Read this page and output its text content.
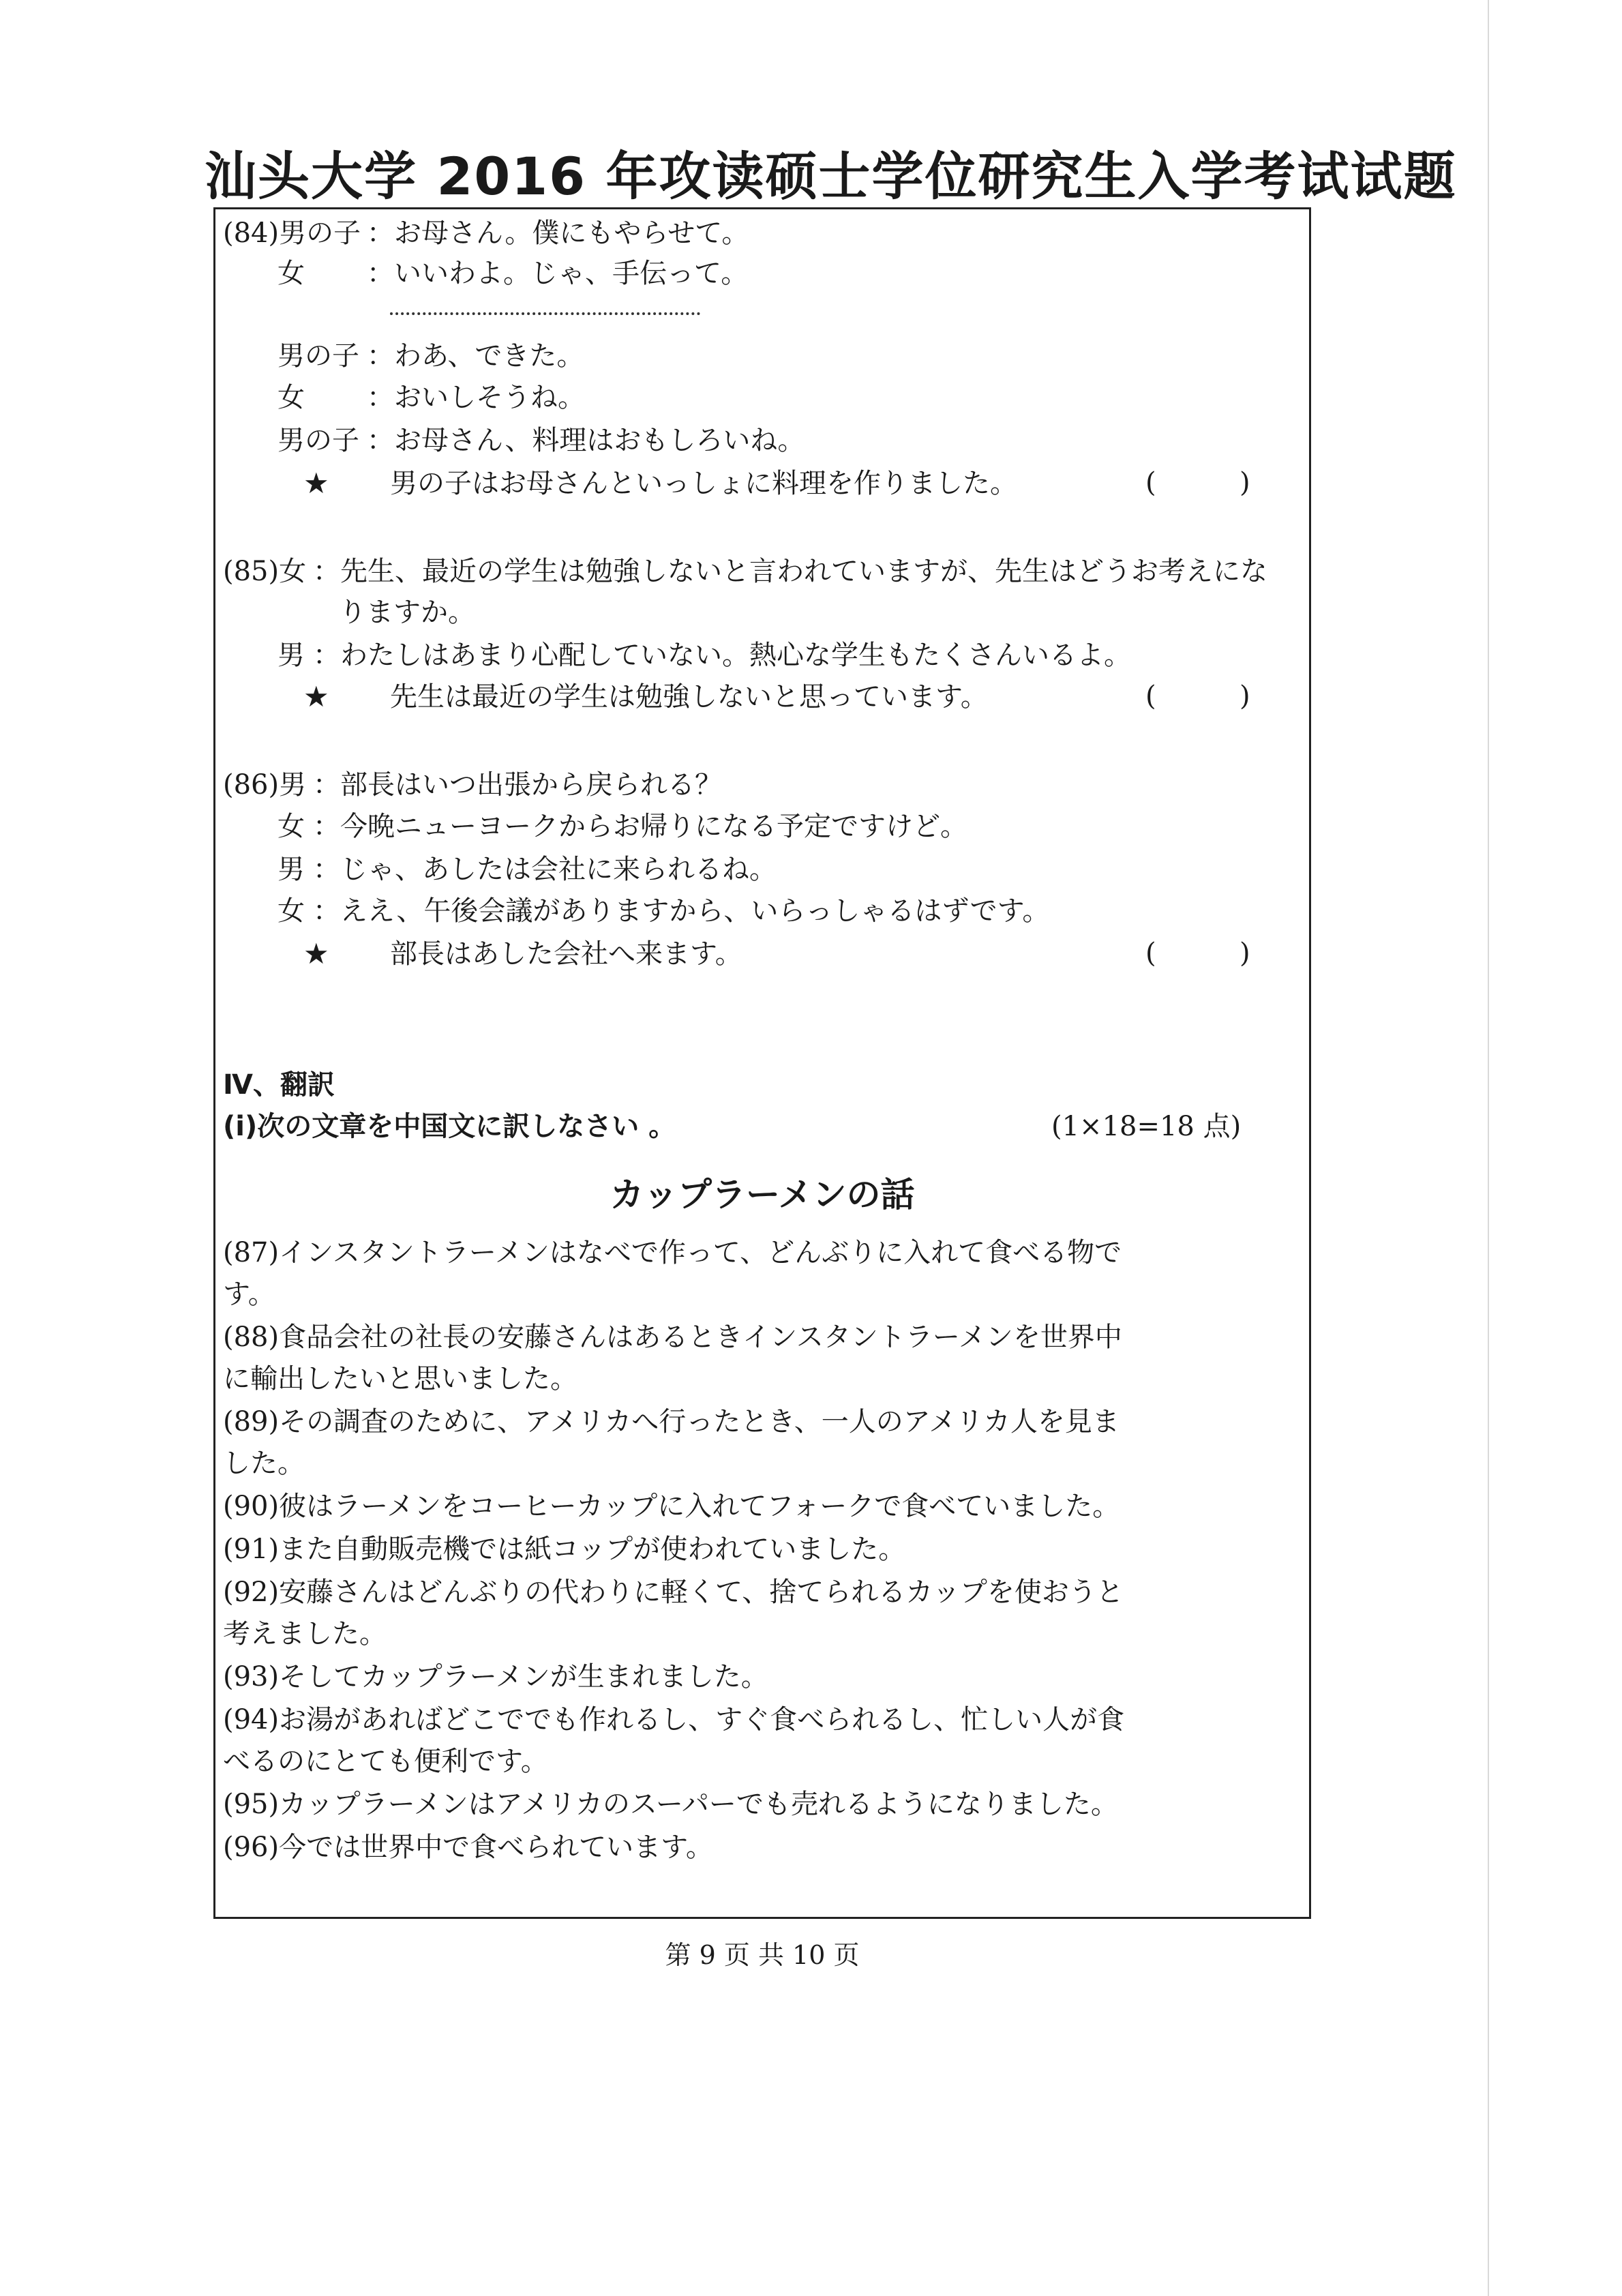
汕头大学 2016 年攻读硕士学位研究生入学考试试题
(84)男の子 ：お母さん。僕にもやらせて。
女 ：いいわよ。じゃ、手伝って。
男の子 ：わあ、できた。
女 ：おいしそうね。
男の子 ：お母さん、料理はおもしろいね。
★ 男の子はお母さんといっしょに料理を作りました。	(	)
(85)女 ：先生、最近の学生は勉強しないと言われていますが、先生はどうお考えにな
りますか。
男 ：わたしはあまり心配していない。熱心な学生もたくさんいるよ。
★ 先生は最近の学生は勉強しないと思っています。	(	)
(86)男 ：部長はいつ出張から戻られる？
女 ：今晩ニューヨークからお帰りになる予定ですけど。
男 ：じゃ、あしたは会社に来られるね。
女 ：ええ、午後会議がありますから、いらっしゃるはずです。
★ 部長はあした会社へ来ます。	(	)
Ⅳ、翻訳
(ⅰ)次の文章を中国文に訳しなさい 。	(1×18=18 点)
カップラーメンの話
(87)インスタントラーメンはなべで作って、どんぶりに入れて食べる物で
す。
(88)食品会社の社長の安藤さんはあるときインスタントラーメンを世界中
に輸出したいと思いました。
(89)その調査のために、アメリカへ行ったとき、一人のアメリカ人を見ま
した。
(90)彼はラーメンをコーヒーカップに入れてフォークで食べていました。
(91)また自動販売機では紙コップが使われていました。
(92)安藤さんはどんぶりの代わりに軽くて、捨てられるカップを使おうと
考えました。
(93)そしてカップラーメンが生まれました。
(94)お湯があればどこででも作れるし、すぐ食べられるし、忙しい人が食
べるのにとても便利です。
(95)カップラーメンはアメリカのスーパーでも売れるようになりました。
(96)今では世界中で食べられています。
第 9 页 共 10 页
